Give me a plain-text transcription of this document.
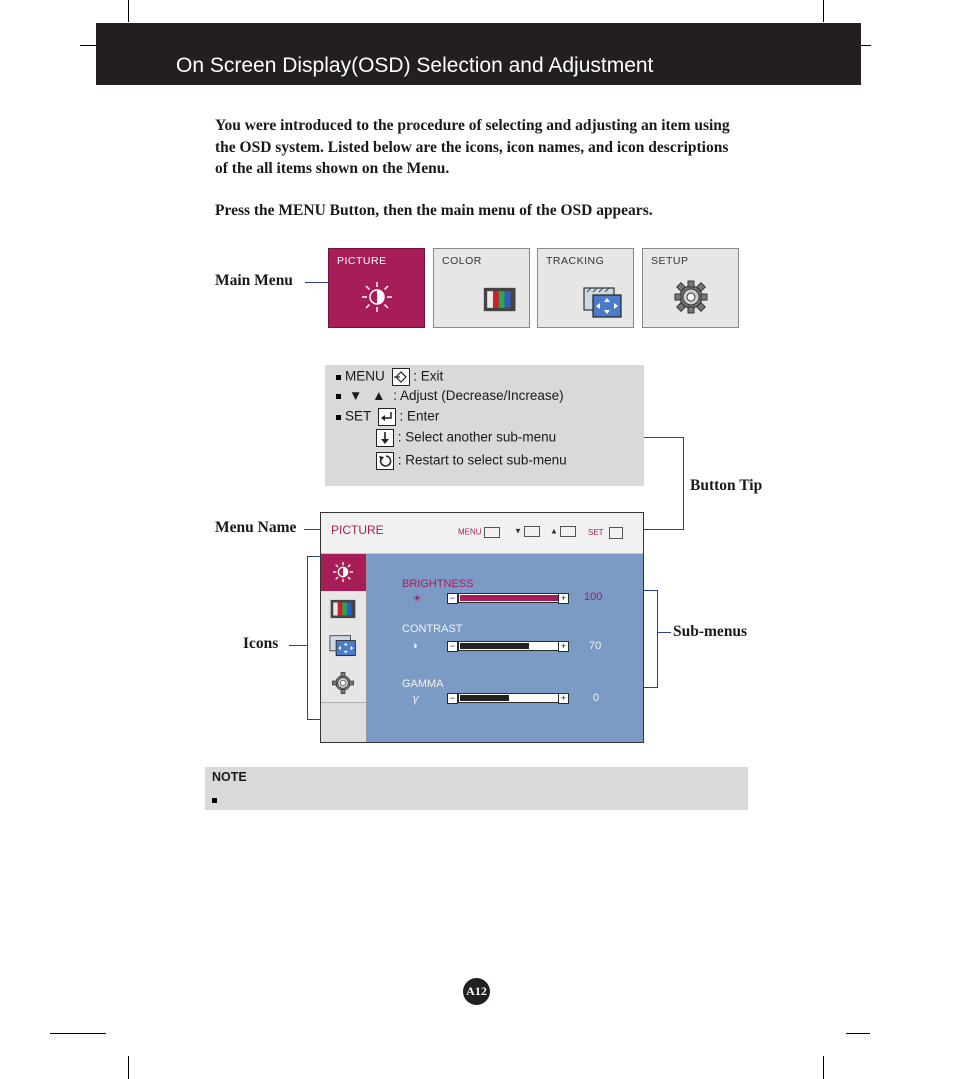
On Screen Display(OSD) Selection and Adjustment
You were introduced to the procedure of selecting and adjusting an item using the OSD system. Listed below are the icons, icon names, and icon descriptions of the all items shown on the Menu.
Press the MENU Button, then the main menu of the OSD appears.
Main Menu
PICTURE	COLOR	TRACKING	SETUP
MENU : Exit
▼ ▲ : Adjust (Decrease/Increase)
SET : Enter
: Select another sub-menu
: Restart to select sub-menu
Button Tip
Menu Name
Icons
Sub-menus
PICTURE	MENU	▼	▲	SET
BRIGHTNESS
☀	−	+ 100
CONTRAST
◑	−	+ 70
GAMMA
γ	−	+ 0
NOTE
A12
